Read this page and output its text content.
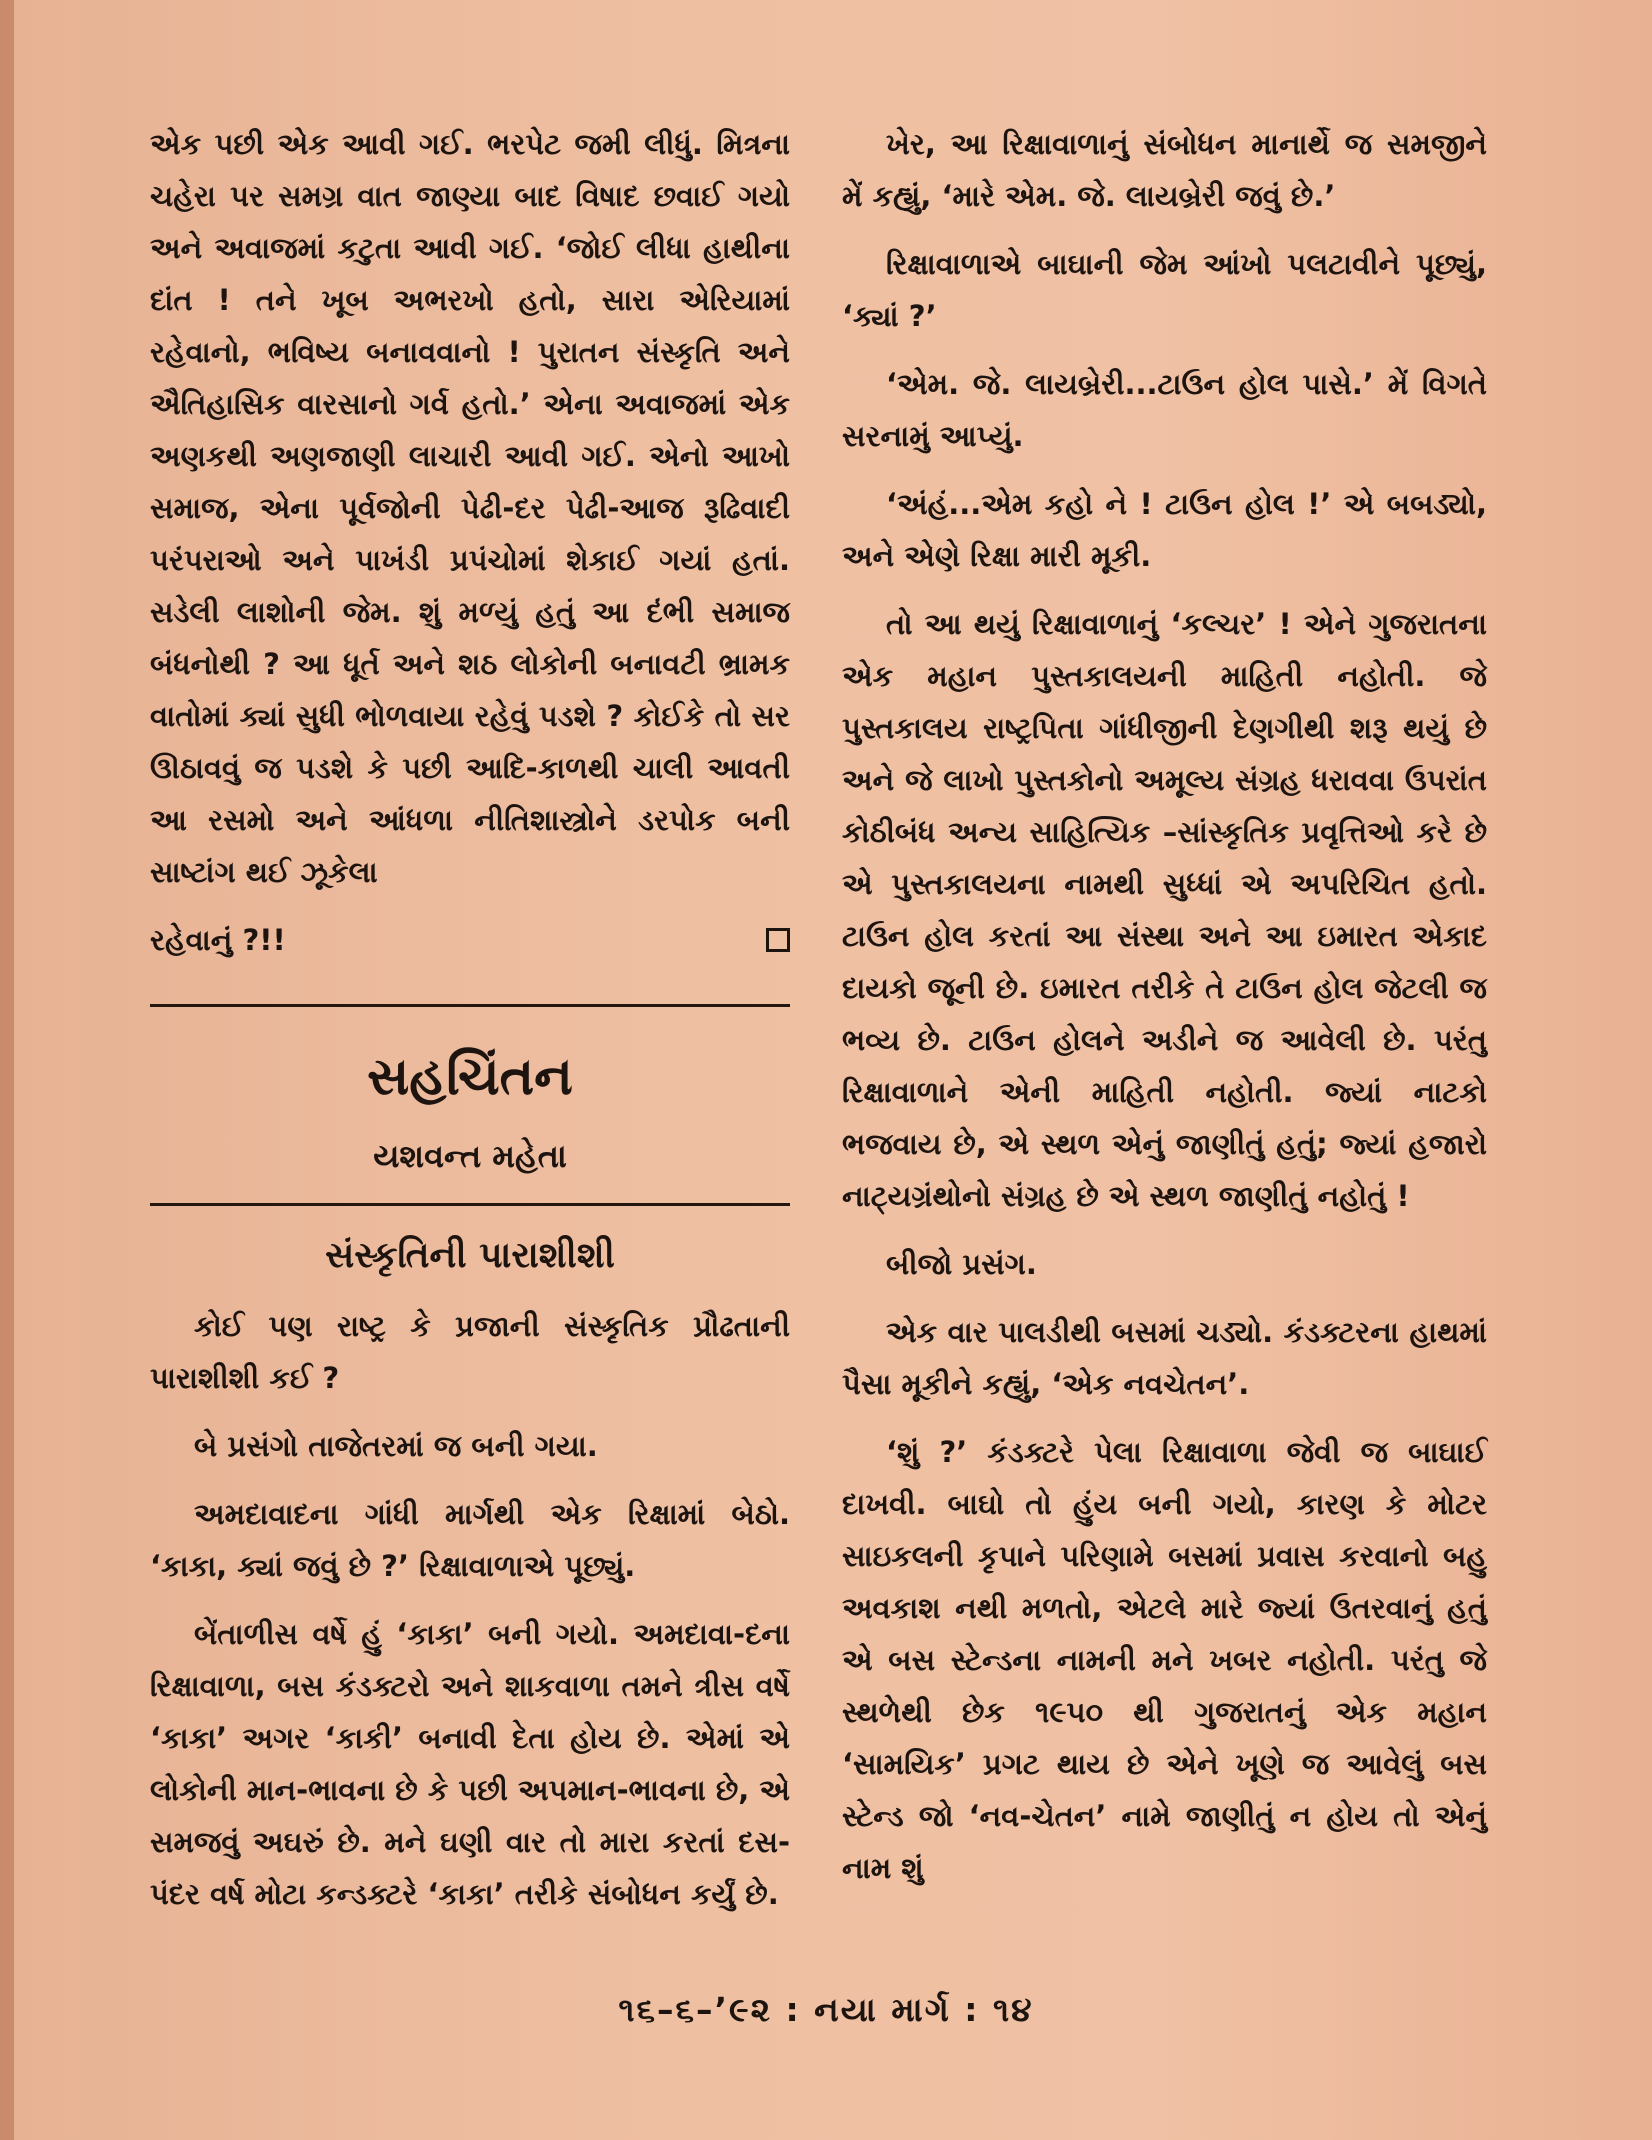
એક પછી એક આવી ગઈ. ભરપેટ જમી લીધું. મિત્રના ચહેરા પર સમગ્ર વાત જાણ્યા બાદ વિષાદ છવાઈ ગયો અને અવાજમાં કટુતા આવી ગઈ. ‘જોઈ લીધા હાથીના દાંત ! તને ખૂબ અભરખો હતો, સારા એરિયામાં રહેવાનો, ભવિષ્ય બનાવવાનો ! પુરાતન સંસ્કૃતિ અને ઐતિહાસિક વારસાનો ગર્વ હતો.’ એના અવાજમાં એક અણકથી અણજાણી લાચારી આવી ગઈ. એનો આખો સમાજ, એના પૂર્વજોની પેઢી-દર પેઢી-આજ રૂઢિવાદી પરંપરાઓ અને પાખંડી પ્રપંચોમાં શેકાઈ ગયાં હતાં. સડેલી લાશોની જેમ. શું મળ્યું હતું આ દંભી સમાજ બંધનોથી ? આ ધૂર્ત અને શઠ લોકોની બનાવટી ભ્રામક વાતોમાં ક્યાં સુધી ભોળવાયા રહેવું પડશે ? કોઈકે તો સર ઊઠાવવું જ પડશે કે પછી આદિ-કાળથી ચાલી આવતી આ રસમો અને આંધળા નીતિશાસ્ત્રોને ડરપોક બની સાષ્ટાંગ થઈ ઝૂકેલા

રહેવાનું ?!!
સહચિંતન
યશવન્ત મહેતા
સંસ્કૃતિની પારાશીશી

કોઈ પણ રાષ્ટ્ર કે પ્રજાની સંસ્કૃતિક પ્રૌઢતાની પારાશીશી કઈ ?

બે પ્રસંગો તાજેતરમાં જ બની ગયા.

અમદાવાદના ગાંધી માર્ગથી એક રિક્ષામાં બેઠો. ‘કાકા, ક્યાં જવું છે ?’ રિક્ષાવાળાએ પૂછ્યું.

બેંતાળીસ વર્ષે હું ‘કાકા’ બની ગયો. અમદાવા-દના રિક્ષાવાળા, બસ કંડક્ટરો અને શાકવાળા તમને ત્રીસ વર્ષે ‘કાકા’ અગર ‘કાકી’ બનાવી દેતા હોય છે. એમાં એ લોકોની માન-ભાવના છે કે પછી અપમાન-ભાવના છે, એ સમજવું અઘરું છે. મને ઘણી વાર તો મારા કરતાં દસ-પંદર વર્ષ મોટા કન્ડક્ટરે ‘કાકા’ તરીકે સંબોધન કર્યું છે.

ખેર, આ રિક્ષાવાળાનું સંબોધન માનાર્થે જ સમજીને મેં કહ્યું, ‘મારે એમ. જે. લાયબ્રેરી જવું છે.’

રિક્ષાવાળાએ બાઘાની જેમ આંખો પલટાવીને પૂછ્યું, ‘ક્યાં ?’

‘એમ. જે. લાયબ્રેરી...ટાઉન હોલ પાસે.’ મેં વિગતે સરનામું આપ્યું.

‘અંહં...એમ કહો ને ! ટાઉન હોલ !’ એ બબડ્યો, અને એણે રિક્ષા મારી મૂકી.

તો આ થયું રિક્ષાવાળાનું ‘કલ્ચર’ ! એને ગુજરાતના એક મહાન પુસ્તકાલયની માહિતી નહોતી. જે પુસ્તકાલય રાષ્ટ્રપિતા ગાંધીજીની દેણગીથી શરૂ થયું છે અને જે લાખો પુસ્તકોનો અમૂલ્ય સંગ્રહ ધરાવવા ઉપરાંત કોઠીબંધ અન્ય સાહિત્યિક –સાંસ્કૃતિક પ્રવૃત્તિઓ કરે છે એ પુસ્તકાલયના નામથી સુધ્ધાં એ અપરિચિત હતો. ટાઉન હોલ કરતાં આ સંસ્થા અને આ ઇમારત એકાદ દાયકો જૂની છે. ઇમારત તરીકે તે ટાઉન હોલ જેટલી જ ભવ્ય છે. ટાઉન હોલને અડીને જ આવેલી છે. પરંતુ રિક્ષાવાળાને એની માહિતી નહોતી. જ્યાં નાટકો ભજવાય છે, એ સ્થળ એનું જાણીતું હતું; જ્યાં હજારો નાટ્યગ્રંથોનો સંગ્રહ છે એ સ્થળ જાણીતું નહોતું !

બીજો પ્રસંગ.

એક વાર પાલડીથી બસમાં ચડ્યો. કંડક્ટરના હાથમાં પૈસા મૂકીને કહ્યું, ‘એક નવચેતન’.

‘શું ?’ કંડક્ટરે પેલા રિક્ષાવાળા જેવી જ બાઘાઈ દાખવી. બાઘો તો હુંય બની ગયો, કારણ કે મોટર સાઇકલની કૃપાને પરિણામે બસમાં પ્રવાસ કરવાનો બહુ અવકાશ નથી મળતો, એટલે મારે જ્યાં ઉતરવાનું હતું એ બસ સ્ટેન્ડના નામની મને ખબર નહોતી. પરંતુ જે સ્થળેથી છેક ૧૯૫૦ થી ગુજરાતનું એક મહાન ‘સામયિક’ પ્રગટ થાય છે એને ખૂણે જ આવેલું બસ સ્ટેન્ડ જો ‘નવ-ચેતન’ નામે જાણીતું ન હોય તો એનું નામ શું

૧૬–૬–’૯૨ : નયા માર્ગ : ૧૪
